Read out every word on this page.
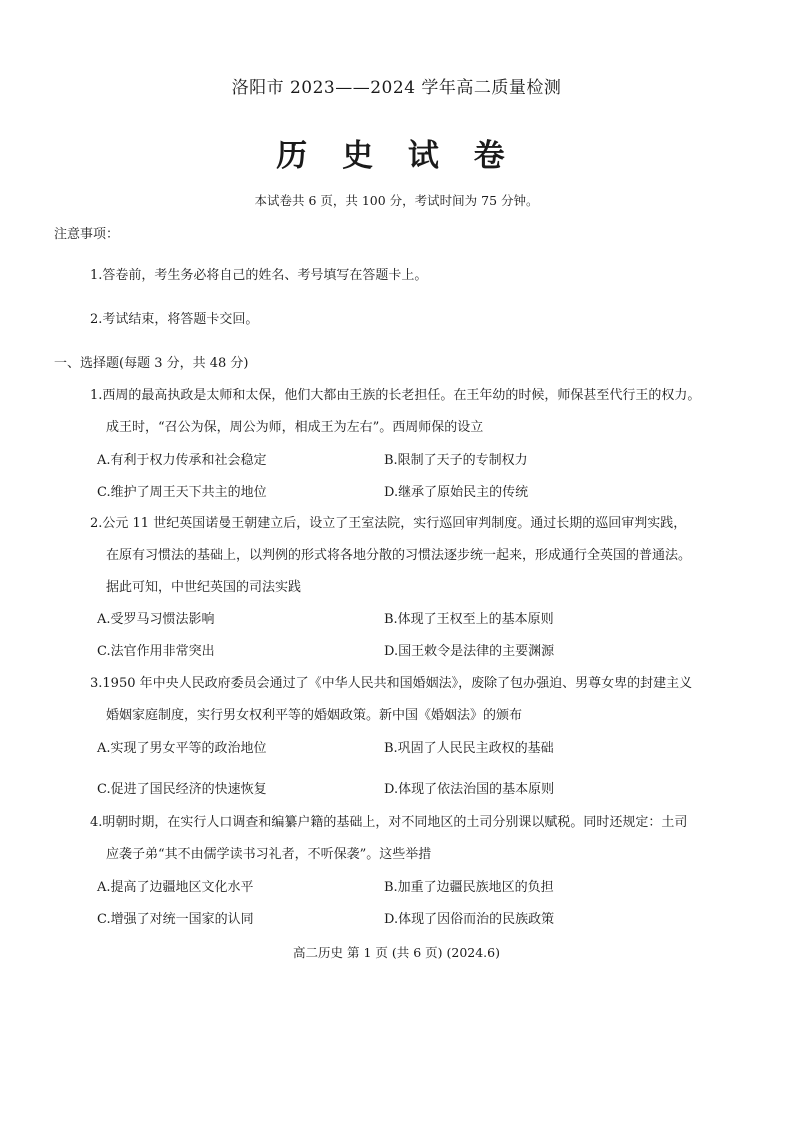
洛阳市 2023——2024 学年高二质量检测
历 史 试 卷
本试卷共 6 页，共 100 分，考试时间为 75 分钟。
注意事项：
1.答卷前，考生务必将自己的姓名、考号填写在答题卡上。
2.考试结束，将答题卡交回。
一、选择题(每题 3 分，共 48 分)
1.西周的最高执政是太师和太保，他们大都由王族的长老担任。在王年幼的时候，师保甚至代行王的权力。
成王时，“召公为保，周公为师，相成王为左右”。西周师保的设立
A.有利于权力传承和社会稳定	B.限制了天子的专制权力
C.维护了周王天下共主的地位	D.继承了原始民主的传统
2.公元 11 世纪英国诺曼王朝建立后，设立了王室法院，实行巡回审判制度。通过长期的巡回审判实践，
在原有习惯法的基础上，以判例的形式将各地分散的习惯法逐步统一起来，形成通行全英国的普通法。
据此可知，中世纪英国的司法实践
A.受罗马习惯法影响	B.体现了王权至上的基本原则
C.法官作用非常突出	D.国王敕令是法律的主要渊源
3.1950 年中央人民政府委员会通过了《中华人民共和国婚姻法》，废除了包办强迫、男尊女卑的封建主义
婚姻家庭制度，实行男女权利平等的婚姻政策。新中国《婚姻法》的颁布
A.实现了男女平等的政治地位	B.巩固了人民民主政权的基础
C.促进了国民经济的快速恢复	D.体现了依法治国的基本原则
4.明朝时期，在实行人口调查和编纂户籍的基础上，对不同地区的土司分别课以赋税。同时还规定：土司
应袭子弟“其不由儒学读书习礼者，不听保袭”。这些举措
A.提高了边疆地区文化水平	B.加重了边疆民族地区的负担
C.增强了对统一国家的认同	D.体现了因俗而治的民族政策
高二历史 第 1 页 (共 6 页) (2024.6)
